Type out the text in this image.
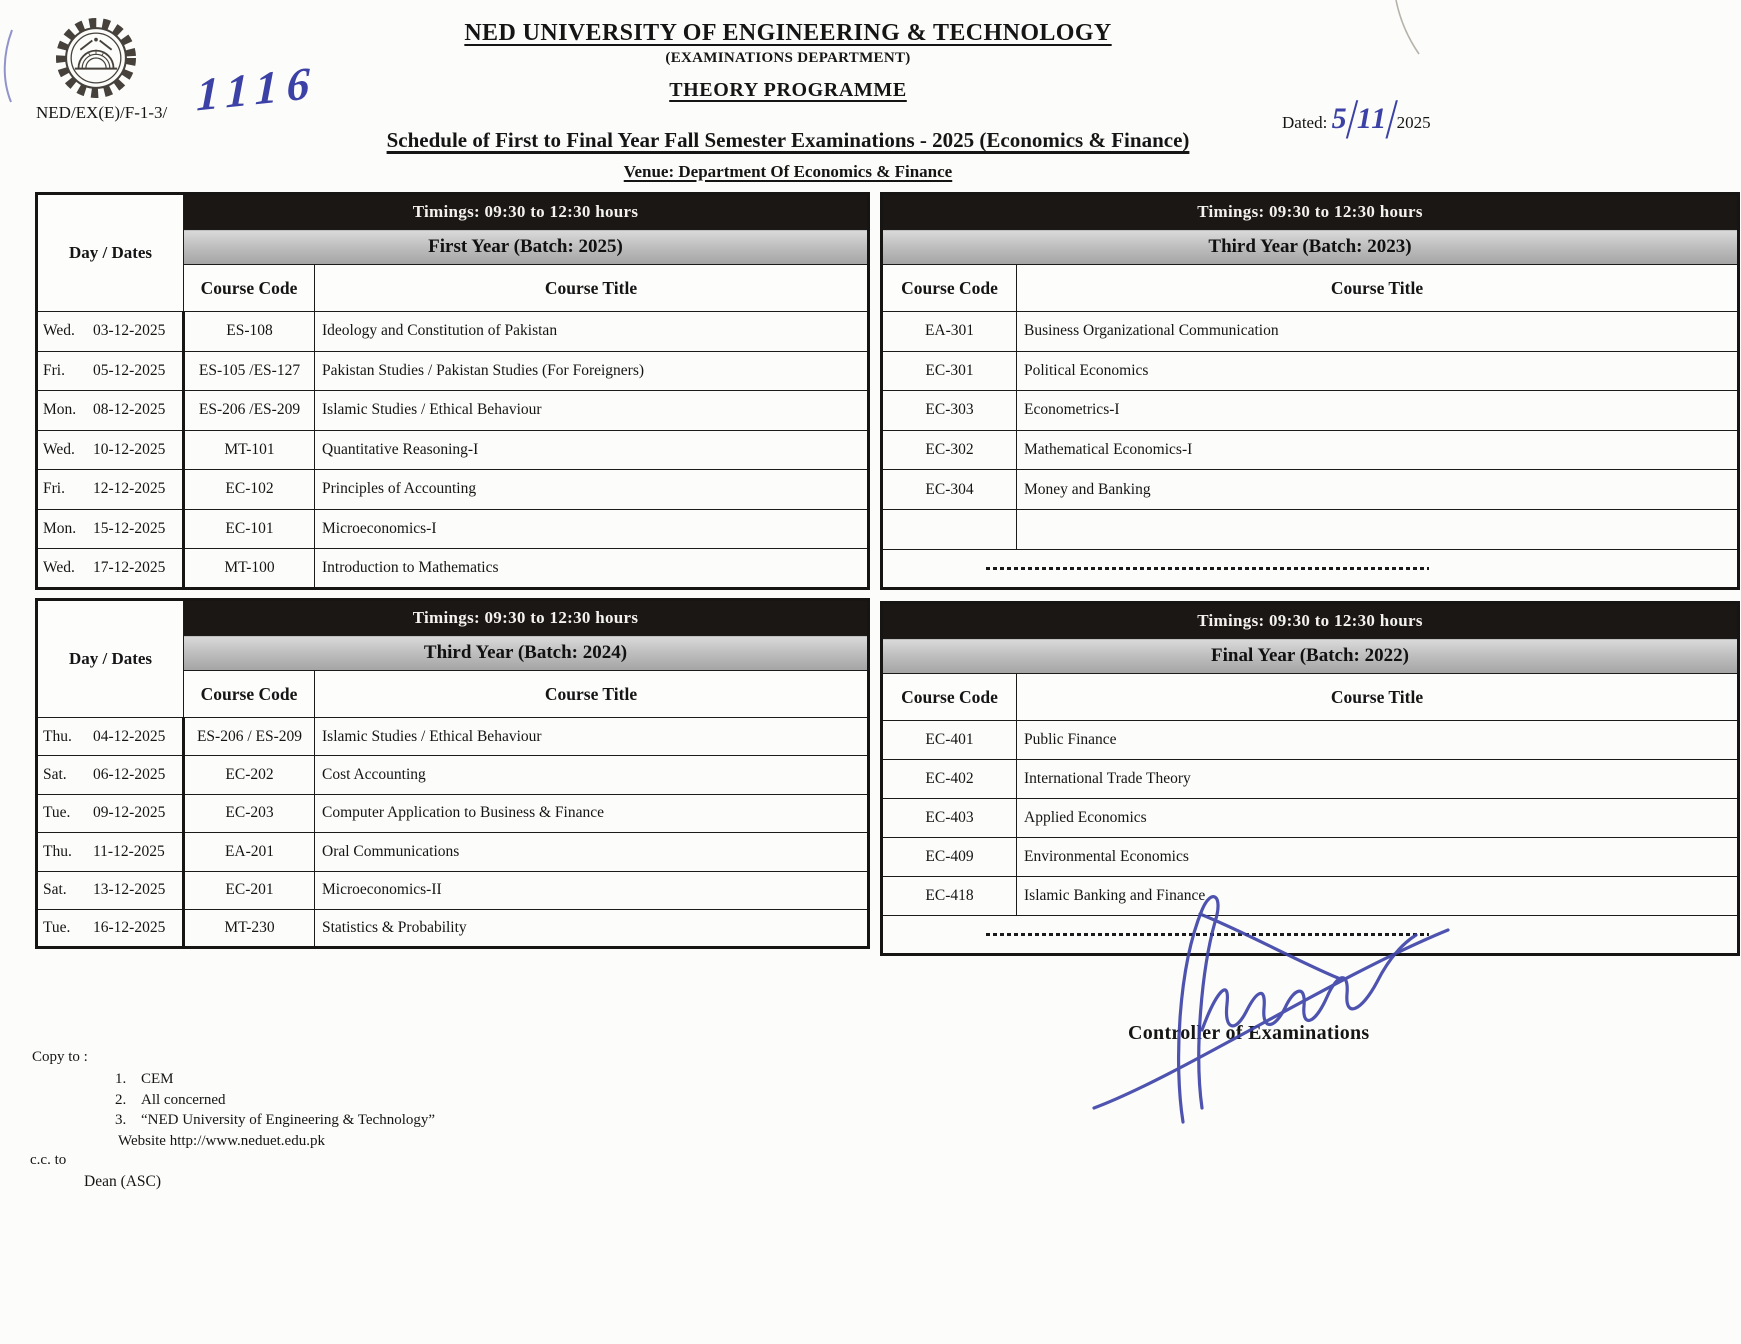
NED UNIVERSITY OF ENGINEERING & TECHNOLOGY
(EXAMINATIONS DEPARTMENT)
THEORY PROGRAMME
Schedule of First to Final Year Fall Semester Examinations - 2025 (Economics & Finance)
Venue: Department Of Economics & Finance
NED/EX(E)/F-1-3/ 1116
Dated: 5/11/2025
Day / Dates	Timings: 09:30 to 12:30 hours	
	First Year (Batch: 2025)	
	Course Code	Course Title
Wed. 03-12-2025	ES-108	Ideology and Constitution of Pakistan
Fri. 05-12-2025	ES-105 /ES-127	Pakistan Studies / Pakistan Studies (For Foreigners)
Mon. 08-12-2025	ES-206 /ES-209	Islamic Studies / Ethical Behaviour
Wed. 10-12-2025	MT-101	Quantitative Reasoning-I
Fri. 12-12-2025	EC-102	Principles of Accounting
Mon. 15-12-2025	EC-101	Microeconomics-I
Wed. 17-12-2025	MT-100	Introduction to Mathematics
Timings: 09:30 to 12:30 hours	
Third Year (Batch: 2023)	
Course Code	Course Title
EA-301	Business Organizational Communication
EC-301	Political Economics
EC-303	Econometrics-I
EC-302	Mathematical Economics-I
EC-304	Money and Banking

Day / Dates	Timings: 09:30 to 12:30 hours	
	Third Year (Batch: 2024)	
	Course Code	Course Title
Thu. 04-12-2025	ES-206 / ES-209	Islamic Studies / Ethical Behaviour
Sat. 06-12-2025	EC-202	Cost Accounting
Tue. 09-12-2025	EC-203	Computer Application to Business & Finance
Thu. 11-12-2025	EA-201	Oral Communications
Sat. 13-12-2025	EC-201	Microeconomics-II
Tue. 16-12-2025	MT-230	Statistics & Probability
Timings: 09:30 to 12:30 hours	
Final Year (Batch: 2022)	
Course Code	Course Title
EC-401	Public Finance
EC-402	International Trade Theory
EC-403	Applied Economics
EC-409	Environmental Economics
EC-418	Islamic Banking and Finance

Controller of Examinations
Copy to :
1. CEM
2. All concerned
3. “NED University of Engineering & Technology”
Website http://www.neduet.edu.pk
c.c. to
Dean (ASC)
